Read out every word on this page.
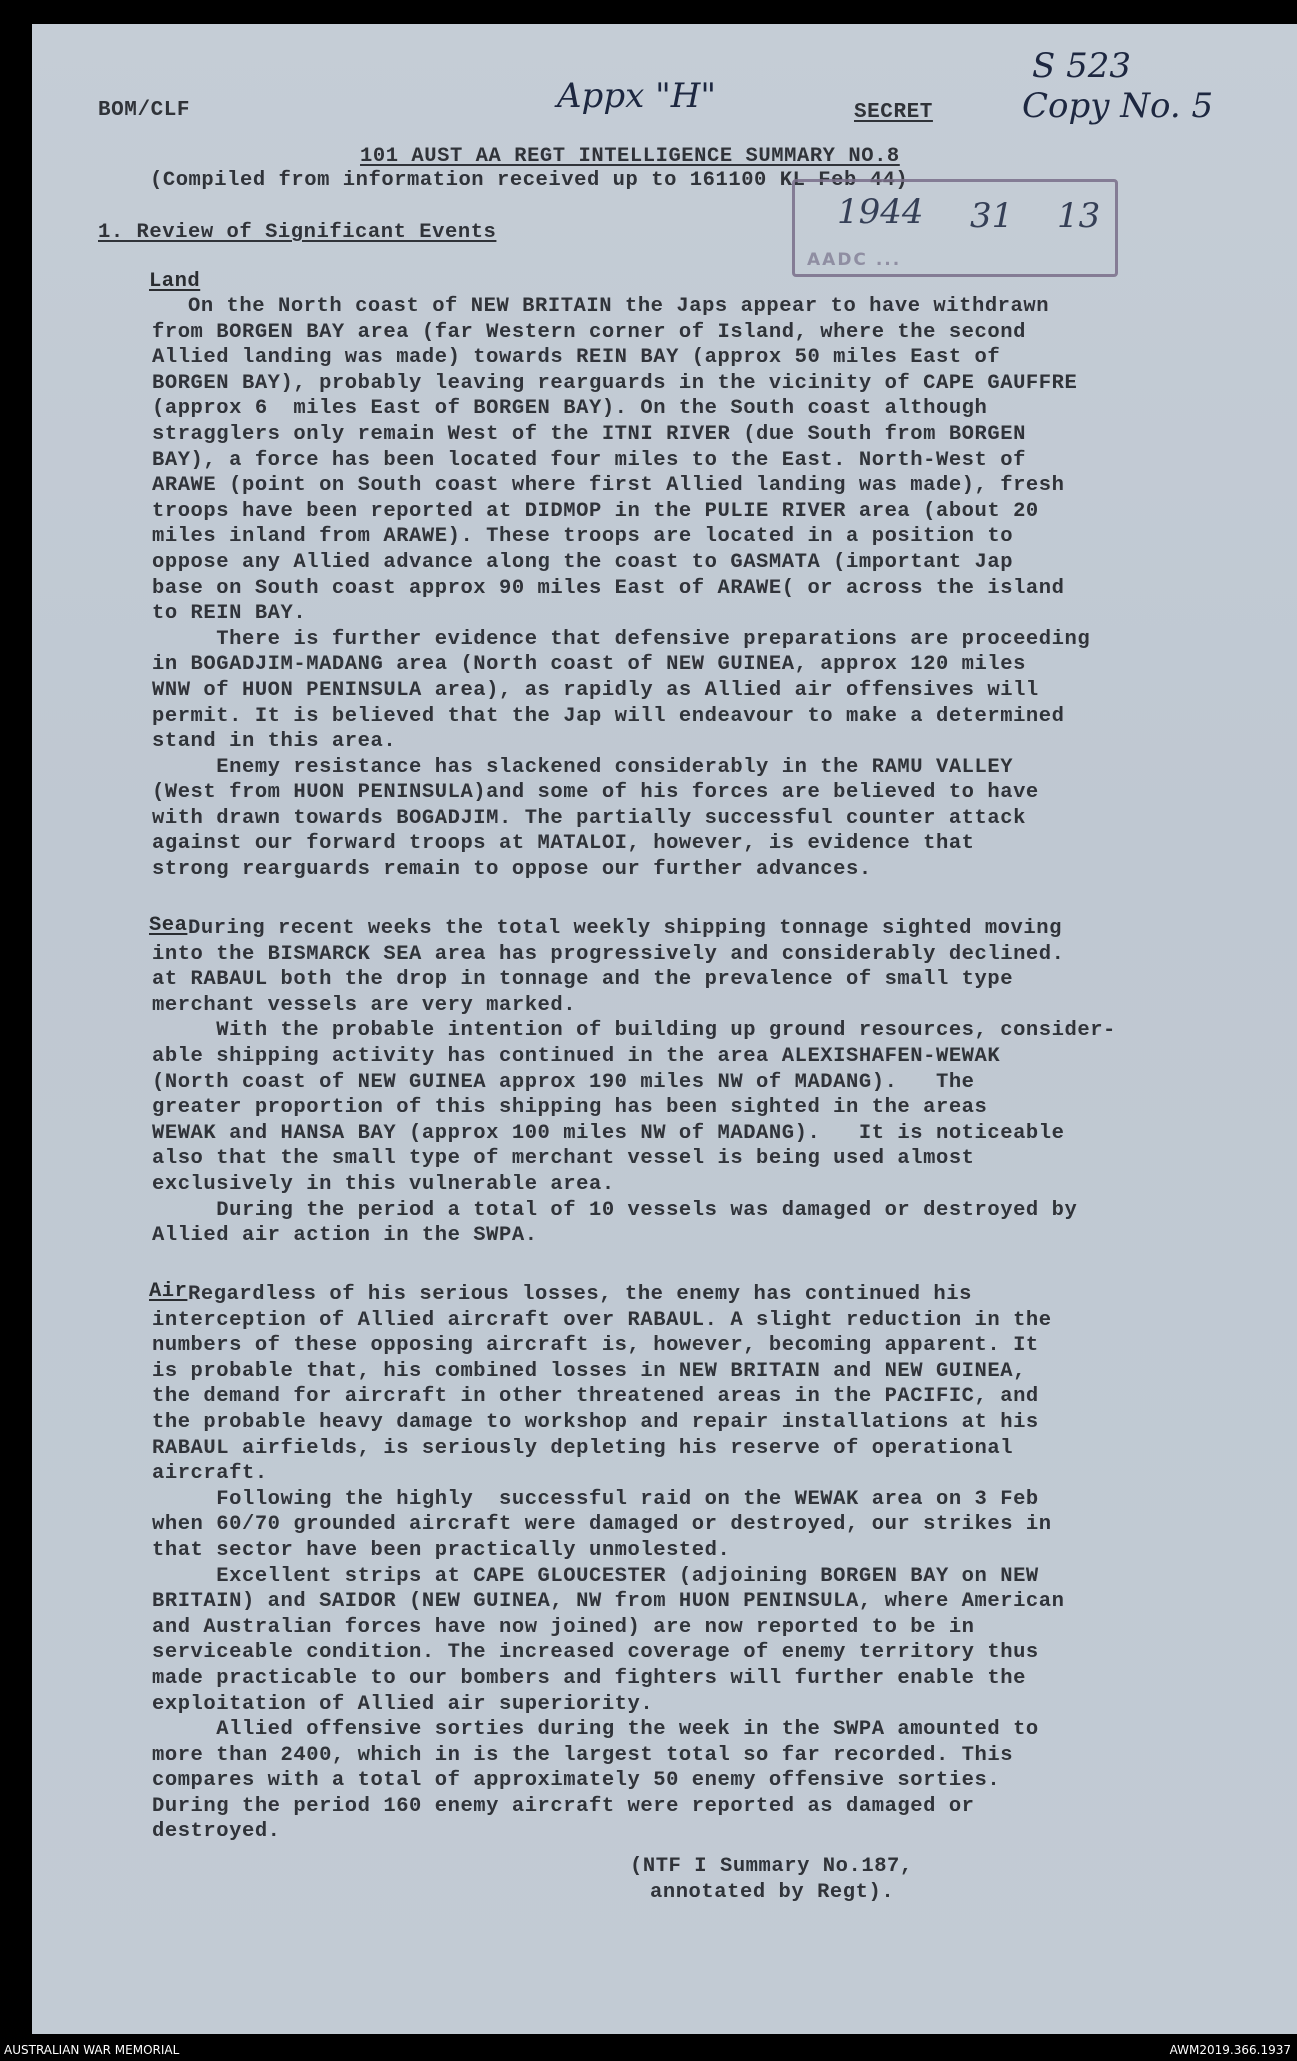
BOM/CLF	Appx "H"	SECRET
S 523
Copy No. 5
101 AUST AA REGT INTELLIGENCE SUMMARY NO.8
(Compiled from information received up to 161100 KL Feb 44)
1944 31 13
AADC ...
1. Review of Significant Events
Land
On the North coast of NEW BRITAIN the Japs appear to have withdrawn
from BORGEN BAY area (far Western corner of Island, where the second
Allied landing was made) towards REIN BAY (approx 50 miles East of
BORGEN BAY), probably leaving rearguards in the vicinity of CAPE GAUFFRE
(approx 6  miles East of BORGEN BAY). On the South coast although
stragglers only remain West of the ITNI RIVER (due South from BORGEN
BAY), a force has been located four miles to the East. North-West of
ARAWE (point on South coast where first Allied landing was made), fresh
troops have been reported at DIDMOP in the PULIE RIVER area (about 20
miles inland from ARAWE). These troops are located in a position to
oppose any Allied advance along the coast to GASMATA (important Jap
base on South coast approx 90 miles East of ARAWE( or across the island
to REIN BAY.
There is further evidence that defensive preparations are proceeding
in BOGADJIM-MADANG area (North coast of NEW GUINEA, approx 120 miles
WNW of HUON PENINSULA area), as rapidly as Allied air offensives will
permit. It is believed that the Jap will endeavour to make a determined
stand in this area.
Enemy resistance has slackened considerably in the RAMU VALLEY
(West from HUON PENINSULA)and some of his forces are believed to have
with drawn towards BOGADJIM. The partially successful counter attack
against our forward troops at MATALOI, however, is evidence that
strong rearguards remain to oppose our further advances.
Sea During recent weeks the total weekly shipping tonnage sighted moving
into the BISMARCK SEA area has progressively and considerably declined.
at RABAUL both the drop in tonnage and the prevalence of small type
merchant vessels are very marked.
With the probable intention of building up ground resources, consider-
able shipping activity has continued in the area ALEXISHAFEN-WEWAK
(North coast of NEW GUINEA approx 190 miles NW of MADANG).   The
greater proportion of this shipping has been sighted in the areas
WEWAK and HANSA BAY (approx 100 miles NW of MADANG).   It is noticeable
also that the small type of merchant vessel is being used almost
exclusively in this vulnerable area.
During the period a total of 10 vessels was damaged or destroyed by
Allied air action in the SWPA.
Air Regardless of his serious losses, the enemy has continued his
interception of Allied aircraft over RABAUL. A slight reduction in the
numbers of these opposing aircraft is, however, becoming apparent. It
is probable that, his combined losses in NEW BRITAIN and NEW GUINEA,
the demand for aircraft in other threatened areas in the PACIFIC, and
the probable heavy damage to workshop and repair installations at his
RABAUL airfields, is seriously depleting his reserve of operational
aircraft.
Following the highly  successful raid on the WEWAK area on 3 Feb
when 60/70 grounded aircraft were damaged or destroyed, our strikes in
that sector have been practically unmolested.
Excellent strips at CAPE GLOUCESTER (adjoining BORGEN BAY on NEW
BRITAIN) and SAIDOR (NEW GUINEA, NW from HUON PENINSULA, where American
and Australian forces have now joined) are now reported to be in
serviceable condition. The increased coverage of enemy territory thus
made practicable to our bombers and fighters will further enable the
exploitation of Allied air superiority.
Allied offensive sorties during the week in the SWPA amounted to
more than 2400, which in is the largest total so far recorded. This
compares with a total of approximately 50 enemy offensive sorties.
During the period 160 enemy aircraft were reported as damaged or
destroyed.
(NTF I Summary No.187,
annotated by Regt).
AUSTRALIAN WAR MEMORIAL	AWM2019.366.1937
